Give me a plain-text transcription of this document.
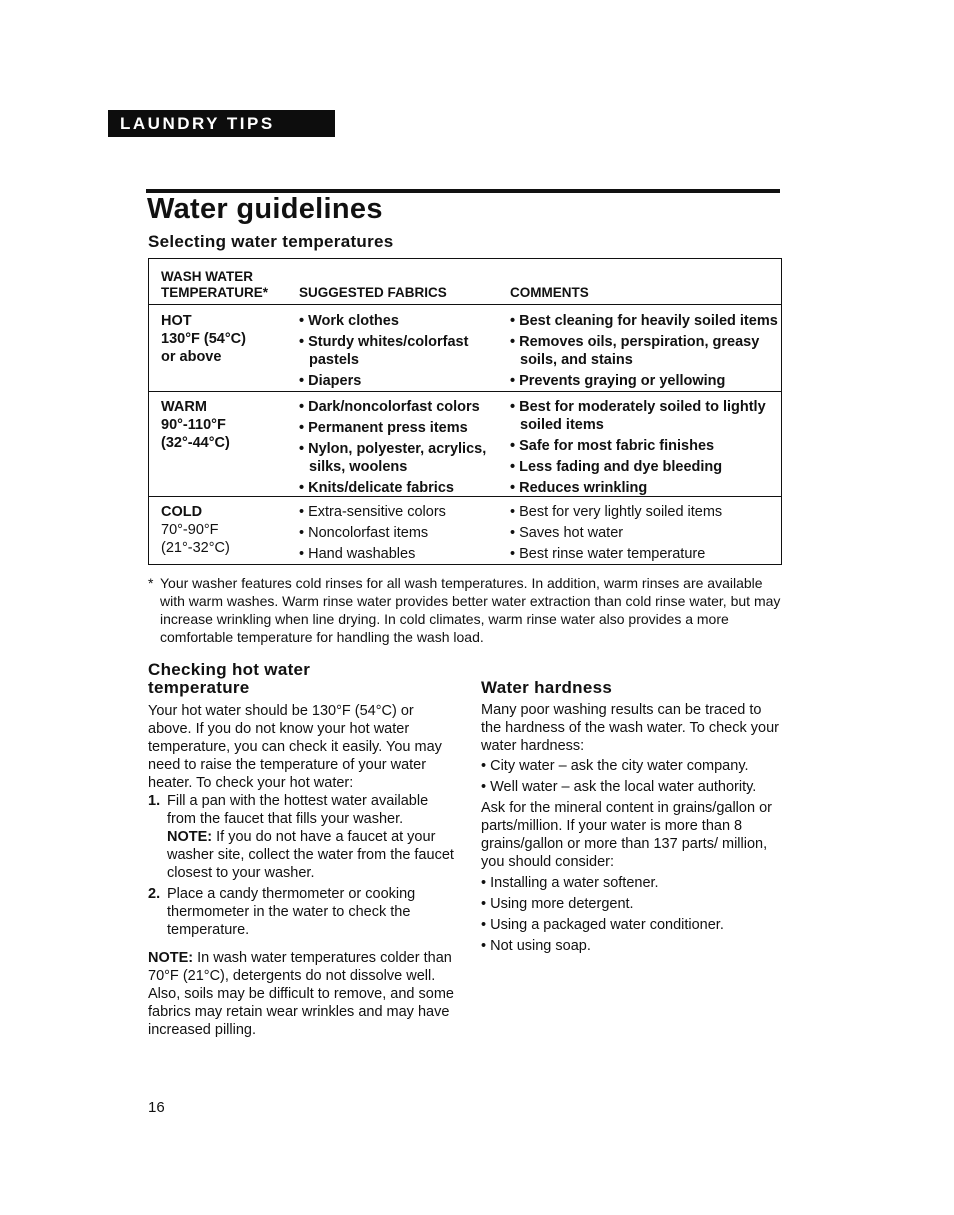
LAUNDRY TIPS
Water guidelines
Selecting water temperatures
WASH WATER
TEMPERATURE*	SUGGESTED FABRICS	COMMENTS
HOT
130°F (54°C)
or above
• Work clothes
• Sturdy whites/colorfast pastels
• Diapers
• Best cleaning for heavily soiled items
• Removes oils, perspiration, greasy soils, and stains
• Prevents graying or yellowing
WARM
90°-110°F
(32°-44°C)
• Dark/noncolorfast colors
• Permanent press items
• Nylon, polyester, acrylics, silks, woolens
• Knits/delicate fabrics
• Best for moderately soiled to lightly soiled items
• Safe for most fabric finishes
• Less fading and dye bleeding
• Reduces wrinkling
COLD
70°-90°F
(21°-32°C)
• Extra-sensitive colors
• Noncolorfast items
• Hand washables
• Best for very lightly soiled items
• Saves hot water
• Best rinse water temperature
* Your washer features cold rinses for all wash temperatures. In addition, warm rinses are available with warm washes. Warm rinse water provides better water extraction than cold rinse water, but may increase wrinkling when line drying. In cold climates, warm rinse water also provides a more comfortable temperature for handling the wash load.
Checking hot water temperature
Your hot water should be 130°F (54°C) or above. If you do not know your hot water temperature, you can check it easily. You may need to raise the temperature of your water heater. To check your hot water:
1. Fill a pan with the hottest water available from the faucet that fills your washer.
NOTE: If you do not have a faucet at your washer site, collect the water from the faucet closest to your washer.
2. Place a candy thermometer or cooking thermometer in the water to check the temperature.
NOTE: In wash water temperatures colder than 70°F (21°C), detergents do not dissolve well. Also, soils may be difficult to remove, and some fabrics may retain wear wrinkles and may have increased pilling.
Water hardness
Many poor washing results can be traced to the hardness of the wash water. To check your water hardness:
• City water – ask the city water company.
• Well water – ask the local water authority.
Ask for the mineral content in grains/gallon or parts/million. If your water is more than 8 grains/gallon or more than 137 parts/ million, you should consider:
• Installing a water softener.
• Using more detergent.
• Using a packaged water conditioner.
• Not using soap.
16
